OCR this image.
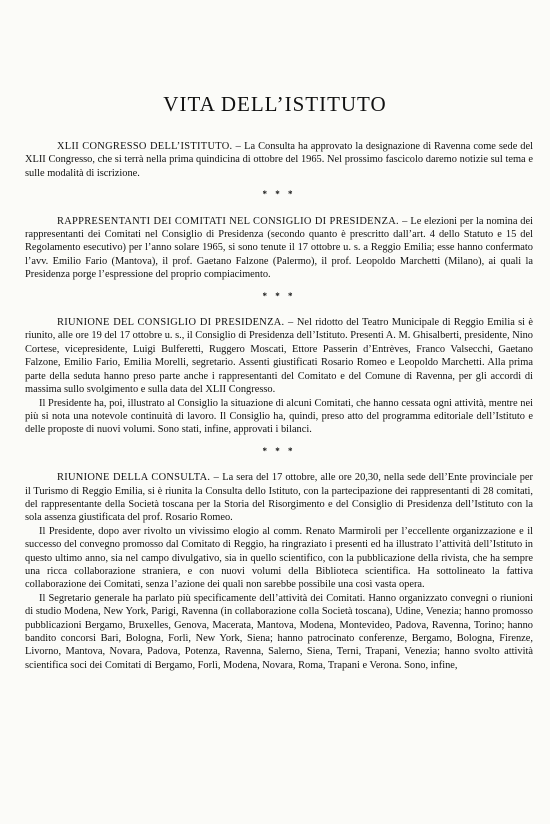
VITA DELL’ISTITUTO

XLII CONGRESSO DELL’ISTITUTO. – La Consulta ha approvato la designazione di Ravenna come sede del XLII Congresso, che si terrà nella prima quindicina di ottobre del 1965. Nel prossimo fascicolo daremo notizie sul tema e sulle modalità di iscrizione.

* * *

RAPPRESENTANTI DEI COMITATI NEL CONSIGLIO DI PRESIDENZA. – Le elezioni per la nomina dei rappresentanti dei Comitati nel Consiglio di Presidenza (secondo quanto è prescritto dall’art. 4 dello Statuto e 15 del Regolamento esecutivo) per l’anno solare 1965, si sono tenute il 17 ottobre u. s. a Reggio Emilia; esse hanno confermato l’avv. Emilio Fario (Mantova), il prof. Gaetano Falzone (Palermo), il prof. Leopoldo Marchetti (Milano), ai quali la Presidenza porge l’espressione del proprio compiacimento.

* * *

RIUNIONE DEL CONSIGLIO DI PRESIDENZA. – Nel ridotto del Teatro Municipale di Reggio Emilia si è riunito, alle ore 19 del 17 ottobre u. s., il Consiglio di Presidenza dell’Istituto. Presenti A. M. Ghisalberti, presidente, Nino Cortese, vicepresidente, Luigi Bulferetti, Ruggero Moscati, Ettore Passerin d’Entrèves, Franco Valsecchi, Gaetano Falzone, Emilio Fario, Emilia Morelli, segretario. Assenti giustificati Rosario Romeo e Leopoldo Marchetti. Alla prima parte della seduta hanno preso parte anche i rappresentanti del Comitato e del Comune di Ravenna, per gli accordi di massima sullo svolgimento e sulla data del XLII Congresso.

Il Presidente ha, poi, illustrato al Consiglio la situazione di alcuni Comitati, che hanno cessata ogni attività, mentre nei più si nota una notevole continuità di lavoro. Il Consiglio ha, quindi, preso atto del programma editoriale dell’Istituto e delle proposte di nuovi volumi. Sono stati, infine, approvati i bilanci.

* * *

RIUNIONE DELLA CONSULTA. – La sera del 17 ottobre, alle ore 20,30, nella sede dell’Ente provinciale per il Turismo di Reggio Emilia, si è riunita la Consulta dello Istituto, con la partecipazione dei rappresentanti di 28 comitati, del rappresentante della Società toscana per la Storia del Risorgimento e del Consiglio di Presidenza dell’Istituto con la sola assenza giustificata del prof. Rosario Romeo.

Il Presidente, dopo aver rivolto un vivissimo elogio al comm. Renato Marmiroli per l’eccellente organizzazione e il successo del convegno promosso dal Comitato di Reggio, ha ringraziato i presenti ed ha illustrato l’attività dell’Istituto in questo ultimo anno, sia nel campo divulgativo, sia in quello scientifico, con la pubblicazione della rivista, che ha sempre una ricca collaborazione straniera, e con nuovi volumi della Biblioteca scientifica. Ha sottolineato la fattiva collaborazione dei Comitati, senza l’azione dei quali non sarebbe possibile una così vasta opera.

Il Segretario generale ha parlato più specificamente dell’attività dei Comitati. Hanno organizzato convegni o riunioni di studio Modena, New York, Parigi, Ravenna (in collaborazione colla Società toscana), Udine, Venezia; hanno promosso pubblicazioni Bergamo, Bruxelles, Genova, Macerata, Mantova, Modena, Montevideo, Padova, Ravenna, Torino; hanno bandito concorsi Bari, Bologna, Forlì, New York, Siena; hanno patrocinato conferenze, Bergamo, Bologna, Firenze, Livorno, Mantova, Novara, Padova, Potenza, Ravenna, Salerno, Siena, Terni, Trapani, Venezia; hanno svolto attività scientifica soci dei Comitati di Bergamo, Forlì, Modena, Novara, Roma, Trapani e Verona. Sono, infine,
